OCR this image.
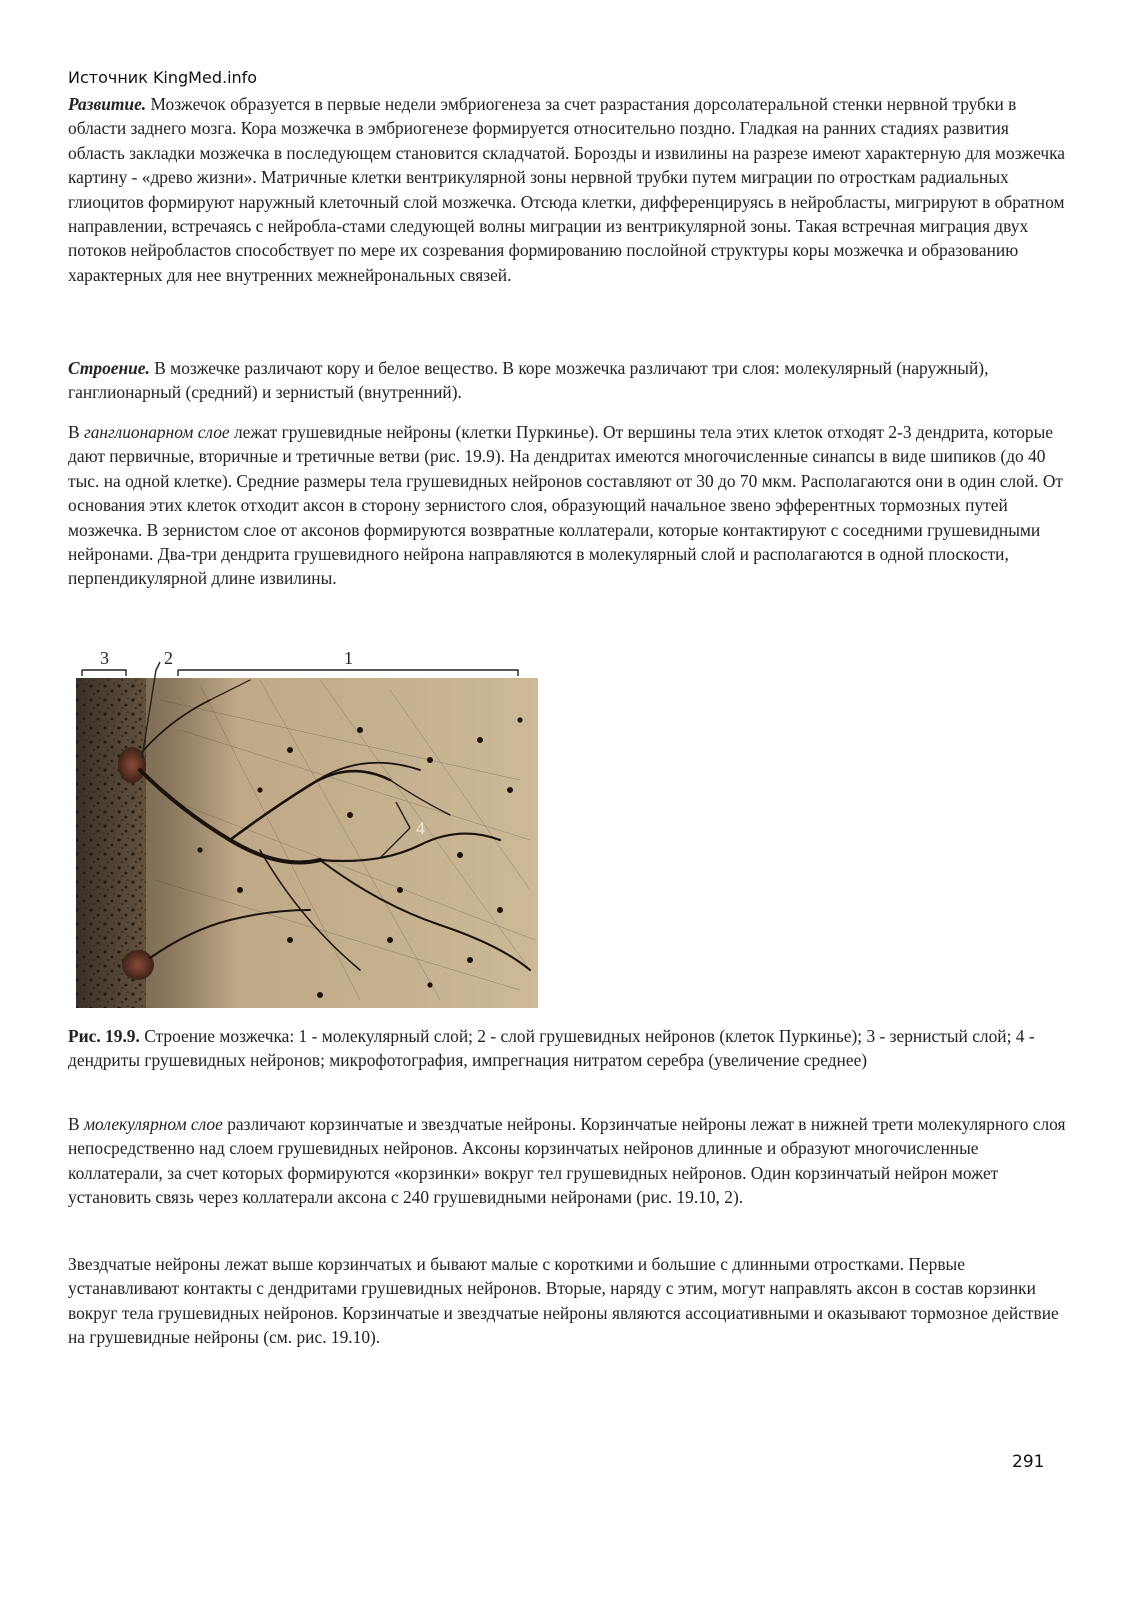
Источник KingMed.info

Развитие. Мозжечок образуется в первые недели эмбриогенеза за счет разрастания дорсолатеральной стенки нервной трубки в области заднего мозга. Кора мозжечка в эмбриогенезе формируется относительно поздно. Гладкая на ранних стадиях развития область закладки мозжечка в последующем становится складчатой. Борозды и извилины на разрезе имеют характерную для мозжечка картину - «древо жизни». Матричные клетки вентрикулярной зоны нервной трубки путем миграции по отросткам радиальных глиоцитов формируют наружный клеточный слой мозжечка. Отсюда клетки, дифференцируясь в нейробласты, мигрируют в обратном направлении, встречаясь с нейробла-стами следующей волны миграции из вентрикулярной зоны. Такая встречная миграция двух потоков нейробластов способствует по мере их созревания формированию послойной структуры коры мозжечка и образованию характерных для нее внутренних межнейрональных связей.

Строение. В мозжечке различают кору и белое вещество. В коре мозжечка различают три слоя: молекулярный (наружный), ганглионарный (средний) и зернистый (внутренний).

В ганглионарном слое лежат грушевидные нейроны (клетки Пуркинье). От вершины тела этих клеток отходят 2-3 дендрита, которые дают первичные, вторичные и третичные ветви (рис. 19.9). На дендритах имеются многочисленные синапсы в виде шипиков (до 40 тыс. на одной клетке). Средние размеры тела грушевидных нейронов составляют от 30 до 70 мкм. Располагаются они в один слой. От основания этих клеток отходит аксон в сторону зернистого слоя, образующий начальное звено эфферентных тормозных путей мозжечка. В зернистом слое от аксонов формируются возвратные коллатерали, которые контактируют с соседними грушевидными нейронами. Два-три дендрита грушевидного нейрона направляются в молекулярный слой и располагаются в одной плоскости, перпендикулярной длине извилины.

3	2	1
4

Рис. 19.9. Строение мозжечка: 1 - молекулярный слой; 2 - слой грушевидных нейронов (клеток Пуркинье); 3 - зернистый слой; 4 - дендриты грушевидных нейронов; микрофотография, импрегнация нитратом серебра (увеличение среднее)

В молекулярном слое различают корзинчатые и звездчатые нейроны. Корзинчатые нейроны лежат в нижней трети молекулярного слоя непосредственно над слоем грушевидных нейронов. Аксоны корзинчатых нейронов длинные и образуют многочисленные коллатерали, за счет которых формируются «корзинки» вокруг тел грушевидных нейронов. Один корзинчатый нейрон может установить связь через коллатерали аксона с 240 грушевидными нейронами (рис. 19.10, 2).

Звездчатые нейроны лежат выше корзинчатых и бывают малые с короткими и большие с длинными отростками. Первые устанавливают контакты с дендритами грушевидных нейронов. Вторые, наряду с этим, могут направлять аксон в состав корзинки вокруг тела грушевидных нейронов. Корзинчатые и звездчатые нейроны являются ассоциативными и оказывают тормозное действие на грушевидные нейроны (см. рис. 19.10).

291
